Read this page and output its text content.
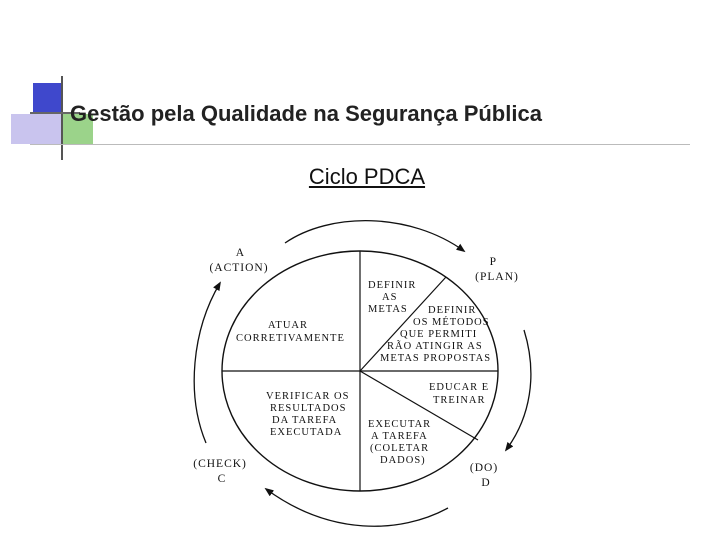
Gestão pela Qualidade na Segurança Pública
Ciclo PDCA
A (ACTION)	P (PLAN)
(DO) D
(CHECK) C
DEFINIR AS METAS	DEFINIR OS MÉTODOS QUE PERMITI RÃO ATINGIR AS METAS PROPOSTAS
EDUCAR E TREINAR
EXECUTAR A TAREFA (COLETAR DADOS)
VERIFICAR OS RESULTADOS DA TAREFA EXECUTADA
ATUAR CORRETIVAMENTE
